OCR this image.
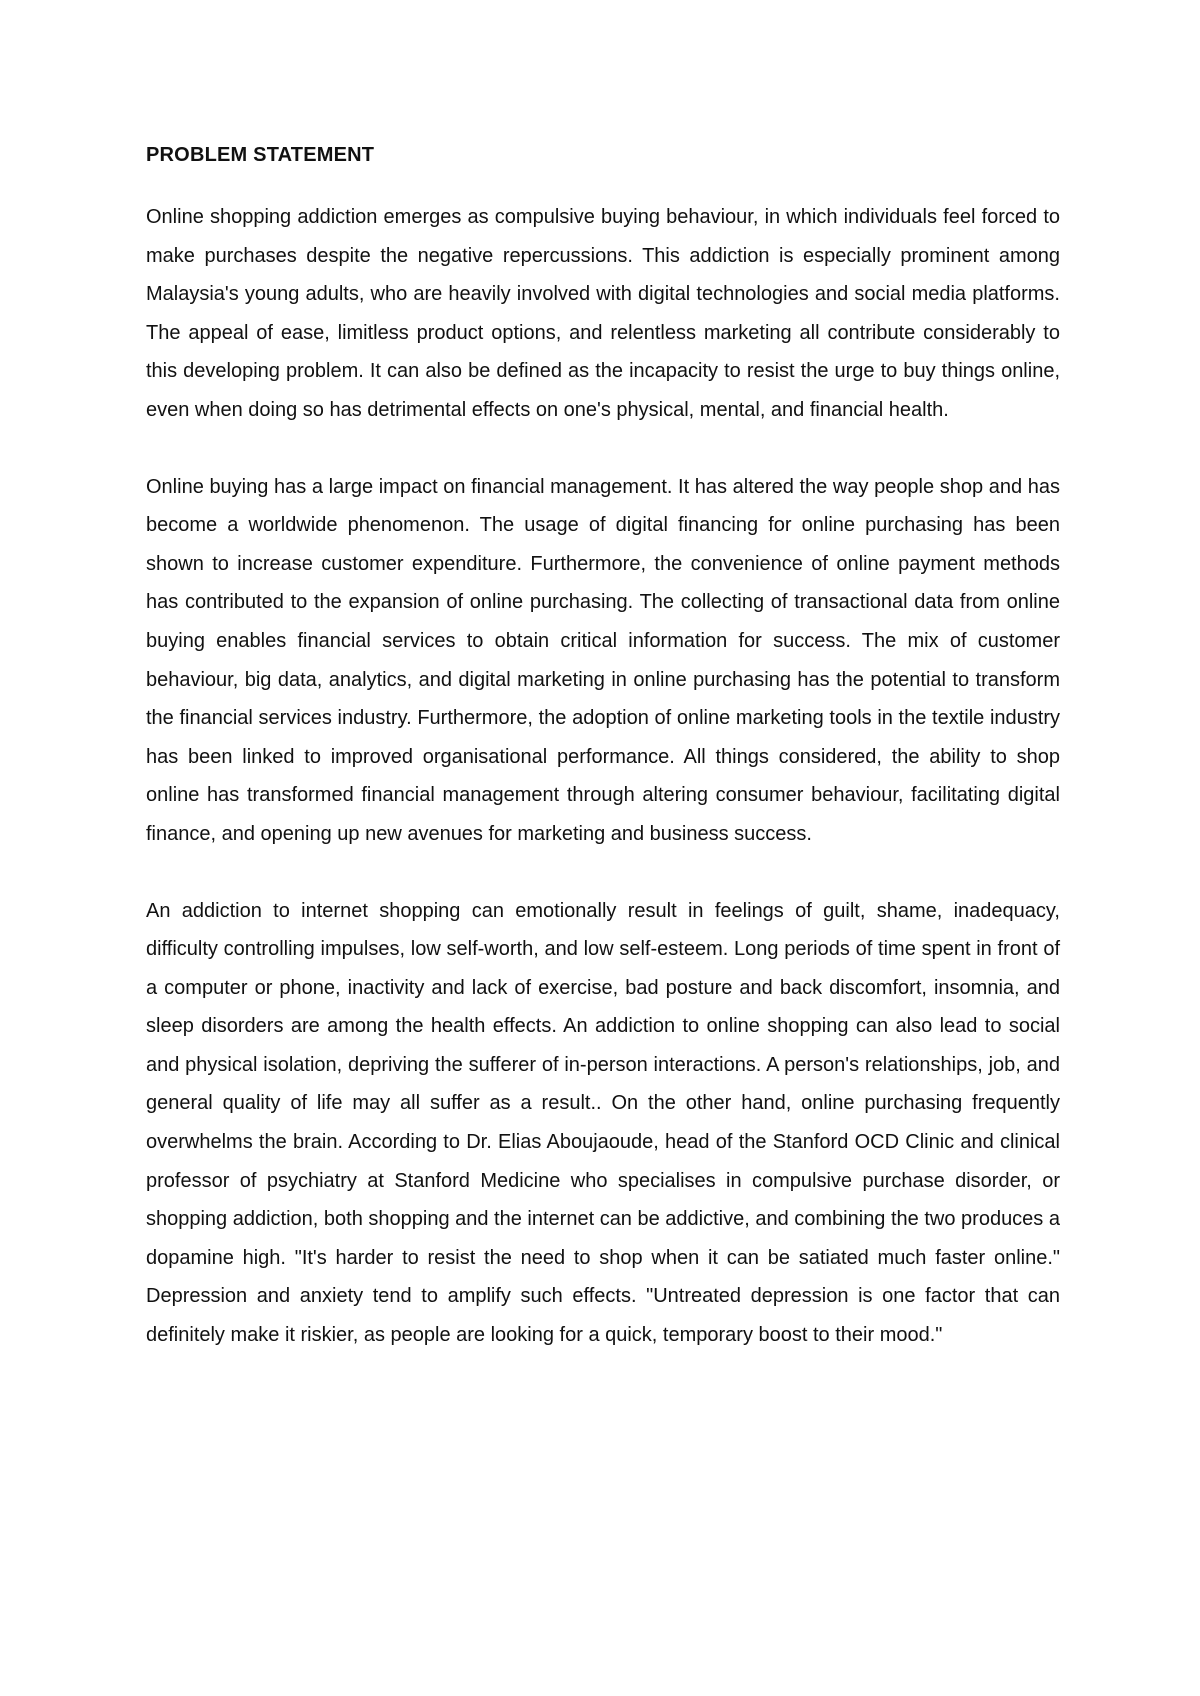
PROBLEM STATEMENT

Online shopping addiction emerges as compulsive buying behaviour, in which individuals feel forced to make purchases despite the negative repercussions. This addiction is especially prominent among Malaysia's young adults, who are heavily involved with digital technologies and social media platforms. The appeal of ease, limitless product options, and relentless marketing all contribute considerably to this developing problem. It can also be defined as the incapacity to resist the urge to buy things online, even when doing so has detrimental effects on one's physical, mental, and financial health.

Online buying has a large impact on financial management. It has altered the way people shop and has become a worldwide phenomenon. The usage of digital financing for online purchasing has been shown to increase customer expenditure. Furthermore, the convenience of online payment methods has contributed to the expansion of online purchasing. The collecting of transactional data from online buying enables financial services to obtain critical information for success. The mix of customer behaviour, big data, analytics, and digital marketing in online purchasing has the potential to transform the financial services industry. Furthermore, the adoption of online marketing tools in the textile industry has been linked to improved organisational performance. All things considered, the ability to shop online has transformed financial management through altering consumer behaviour, facilitating digital finance, and opening up new avenues for marketing and business success.

An addiction to internet shopping can emotionally result in feelings of guilt, shame, inadequacy, difficulty controlling impulses, low self-worth, and low self-esteem. Long periods of time spent in front of a computer or phone, inactivity and lack of exercise, bad posture and back discomfort, insomnia, and sleep disorders are among the health effects. An addiction to online shopping can also lead to social and physical isolation, depriving the sufferer of in-person interactions. A person's relationships, job, and general quality of life may all suffer as a result.. On the other hand, online purchasing frequently overwhelms the brain. According to Dr. Elias Aboujaoude, head of the Stanford OCD Clinic and clinical professor of psychiatry at Stanford Medicine who specialises in compulsive purchase disorder, or shopping addiction, both shopping and the internet can be addictive, and combining the two produces a dopamine high. "It's harder to resist the need to shop when it can be satiated much faster online." Depression and anxiety tend to amplify such effects. "Untreated depression is one factor that can definitely make it riskier, as people are looking for a quick, temporary boost to their mood."
